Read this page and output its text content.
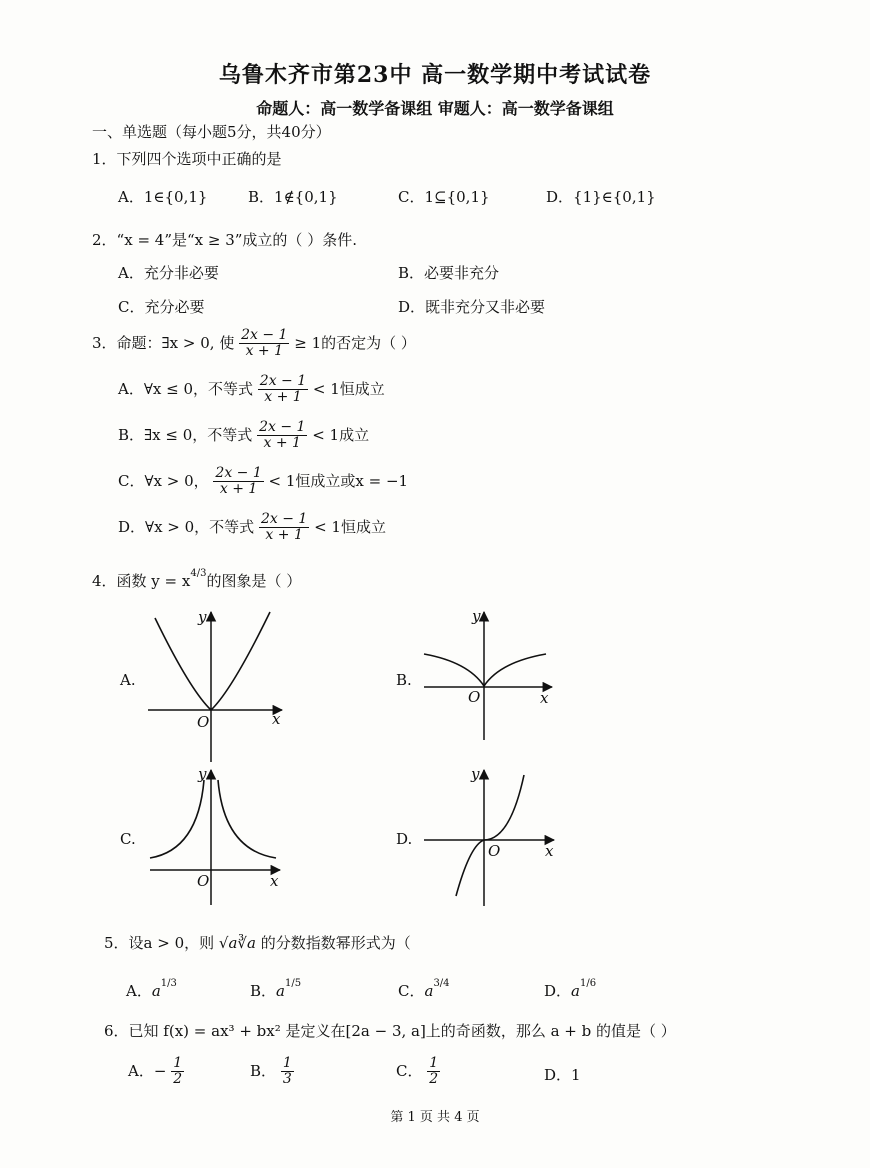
乌鲁木齐市第23中 高一数学期中考试试卷
命题人：高一数学备课组 审题人：高一数学备课组
一、单选题（每小题5分，共40分）
1．下列四个选项中正确的是
A．1∈{0,1}	B．1∉{0,1}	C．1⊆{0,1}	D．{1}∈{0,1}
2．“x = 4”是“x ≥ 3”成立的（ ）条件.
A．充分非必要	B．必要非充分
C．充分必要	D．既非充分又非必要
3．命题：∃x > 0, 使 $\frac{2x - 1}{x + 1} \ge 1$的否定为（ ）
A．∀x ≤ 0，不等式 $\frac{2x - 1}{x + 1} < 1$恒成立
B．∃x ≤ 0，不等式 $\frac{2x - 1}{x + 1} < 1$成立
C．∀x > 0， $\frac{2x - 1}{x + 1} < 1$恒成立或x = −1
D．∀x > 0，不等式 $\frac{2x - 1}{x + 1} < 1$恒成立
4．函数 $y = x^{4/3}$的图象是（ ）
A.	B.
C.	D.
y
O	x
y
O	x
y
O	x
y
O	x
5．设a > 0，则 √a∛a 的分数指数幂形式为（
A．$a^{1/3}$	B．$a^{1/5}$	C．$a^{3/4}$	D．$a^{1/6}$
6．已知 f(x) = ax³ + bx² 是定义在[2a − 3, a]上的奇函数，那么 a + b 的值是（ ）
A．− $\frac{1}{2}$	B． $\frac{1}{3}$	C． $\frac{1}{2}$	D．1
第 1 页 共 4 页
